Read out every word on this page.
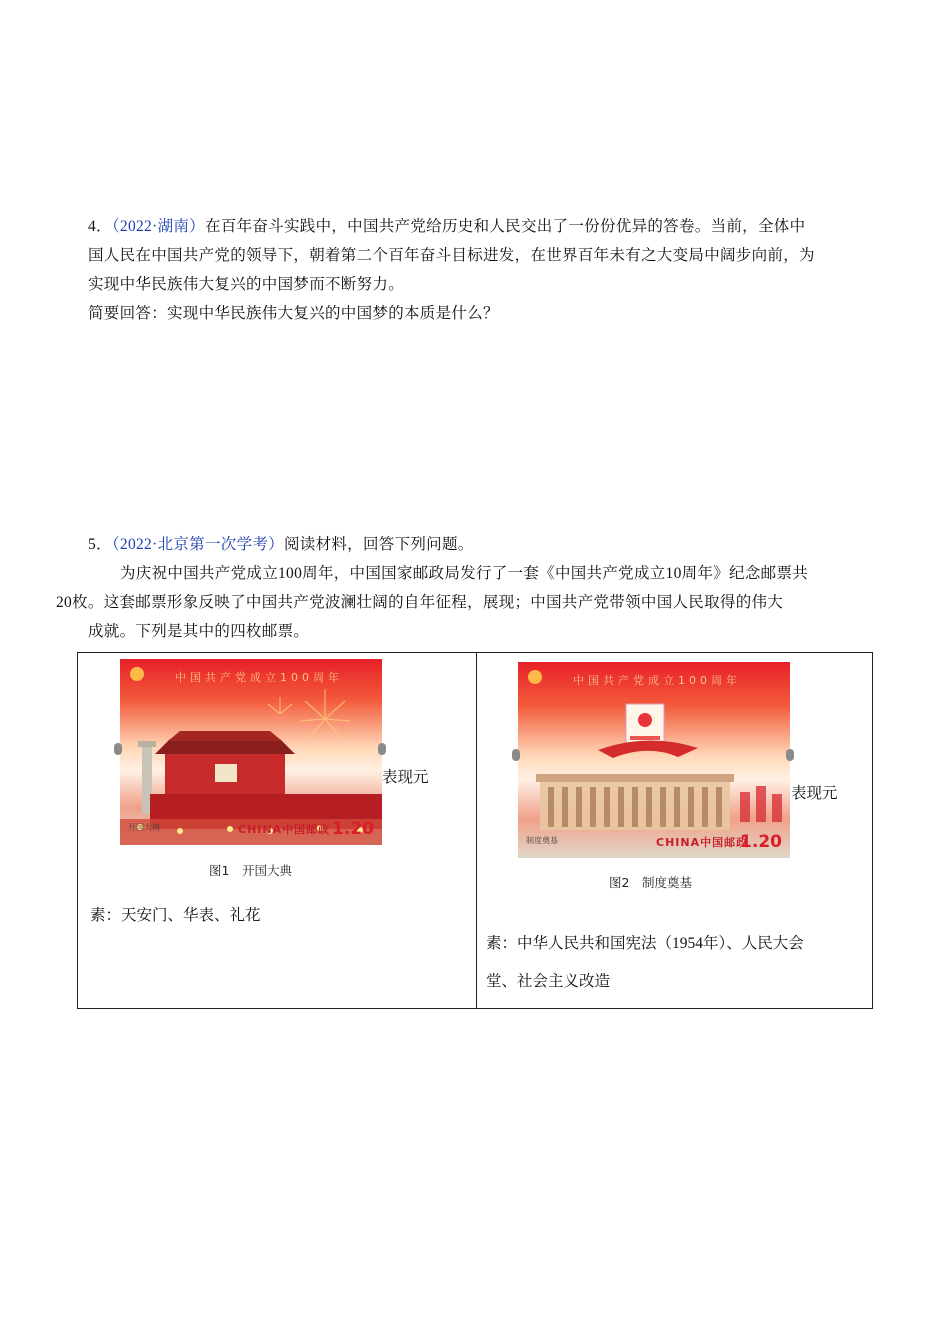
4．（2022·湖南）在百年奋斗实践中，中国共产党给历史和人民交出了一份份优异的答卷。当前，全体中
国人民在中国共产党的领导下，朝着第二个百年奋斗目标进发，在世界百年未有之大变局中阔步向前，为
实现中华民族伟大复兴的中国梦而不断努力。
简要回答：实现中华民族伟大复兴的中国梦的本质是什么？
5．（2022·北京第一次学考）阅读材料，回答下列问题。
为庆祝中国共产党成立100周年，中国国家邮政局发行了一套《中国共产党成立10周年》纪念邮票共
20枚。这套邮票形象反映了中国共产党波澜壮阔的自年征程，展现；中国共产党带领中国人民取得的伟大
成就。下列是其中的四枚邮票。
中国共产党成立100周年
开国大典	CHINA中国邮政 1.20
表现元
图1　开国大典
素：天安门、华表、礼花
中国共产党成立100周年
制度奠基	CHINA中国邮政
1.20
表现元
图2　制度奠基
素：中华人民共和国宪法（1954年）、人民大会
堂、社会主义改造
